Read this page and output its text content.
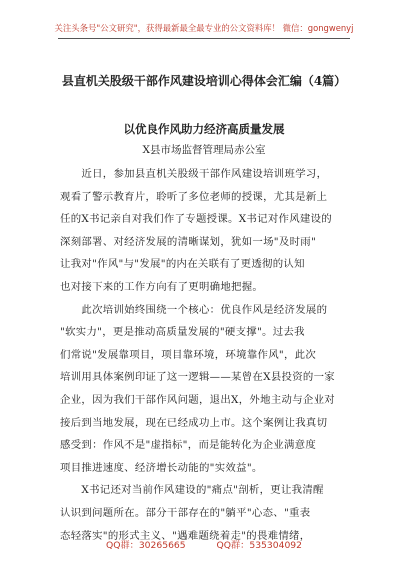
关注头条号"公文研究"，获得最新最全最专业的公文资料库！ 微信：gongwenyj
县直机关股级干部作风建设培训心得体会汇编（4篇）
以优良作风助力经济高质量发展
X县市场监督管理局赤公室
　　近日，参加县直机关股级干部作风建设培训班学习，
观看了警示教育片，聆听了多位老师的授课，尤其是新上
任的X书记亲自对我们作了专题授课。X书记对作风建设的
深刻部署、对经济发展的清晰谋划，犹如一场"及时雨"
让我对"作风"与"发展"的内在关联有了更透彻的认知
也对接下来的工作方向有了更明确地把握。
　　此次培训始终围绕一个核心：优良作风是经济发展的
"软实力"，更是推动高质量发展的"硬支撑"。过去我
们常说"发展靠项目，项目靠环境，环境靠作风"，此次
培训用具体案例印证了这一逻辑——某曾在X县投资的一家
企业，因为我们干部作风问题，退出X，外地主动与企业对
接后到当地发展，现在已经成功上市。这个案例让我真切
感受到：作风不是"虚指标"，而是能转化为企业满意度
项目推进速度、经济增长动能的"实效益"。
　　X书记还对当前作风建设的"痛点"剖析，更让我清醒
认识到问题所在。部分干部存在的"躺平"心态、"重表
态轻落实"的形式主义、"遇难题绕着走"的畏难情绪，
QQ群：30265665	QQ群：535304092
